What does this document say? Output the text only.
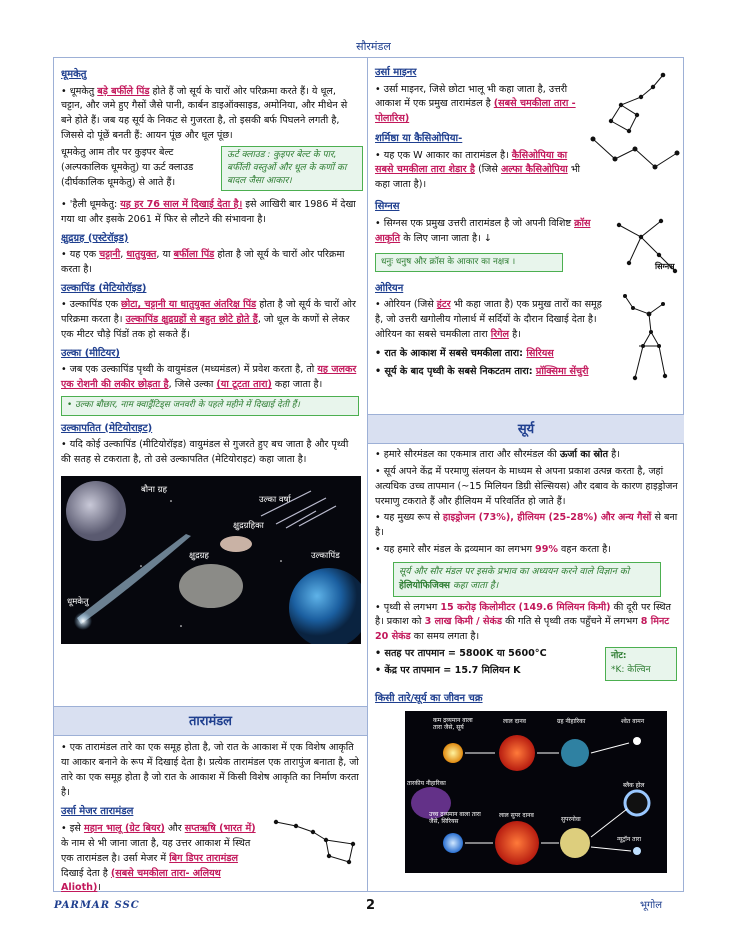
सौरमंडल
धूमकेतु

• धूमकेतु बड़े बर्फीले पिंड होते हैं जो सूर्य के चारों ओर परिक्रमा करते हैं। ये धूल, चट्टान, और जमे हुए गैसों जैसे पानी, कार्बन डाइऑक्साइड, अमोनिया, और मीथेन से बने होते हैं। जब यह सूर्य के निकट से गुजरता है, तो इसकी बर्फ पिघलने लगती है, जिससे दो पूंछें बनती हैं: आयन पूंछ और धूल पूंछ।

धूमकेतु आम तौर पर कुइपर बेल्ट (अल्पकालिक धूमकेतु) या ऊर्ट क्लाउड (दीर्घकालिक धूमकेतु) से आते हैं।

ऊर्ट क्लाउड : कुइपर बेल्ट के पार, बर्फीली वस्तुओं और धूल के कणों का बादल जैसा आकार।

• 'हैली धूमकेतु: यह हर 76 साल में दिखाई देता है। इसे आखिरी बार 1986 में देखा गया था और इसके 2061 में फिर से लौटने की संभावना है।

क्षुद्रग्रह (एस्टेरॉइड)

• यह एक चट्टानी, धातुयुक्त, या बर्फीला पिंड होता है जो सूर्य के चारों ओर परिक्रमा करता है।

उल्कापिंड (मेटियोरॉइड)

• उल्कापिंड एक छोटा, चट्टानी या धातुयुक्त अंतरिक्ष पिंड होता है जो सूर्य के चारों ओर परिक्रमा करता है। उल्कापिंड क्षुद्रग्रहों से बहुत छोटे होते हैं, जो धूल के कणों से लेकर एक मीटर चौड़े पिंडों तक हो सकते हैं।

उल्का (मीटियर)

• जब एक उल्कापिंड पृथ्वी के वायुमंडल (मध्यमंडल) में प्रवेश करता है, तो यह जलकर एक रोशनी की लकीर छोड़ता है, जिसे उल्का (या टूटता तारा) कहा जाता है।

• उल्का बौछार, नाम क्वाड्रैंटिड्स जनवरी के पहले महीने में दिखाई देती हैं।
उल्कापतित (मेटियोराइट)

• यदि कोई उल्कापिंड (मीटियोरॉइड) वायुमंडल से गुजरते हुए बच जाता है और पृथ्वी की सतह से टकराता है, तो उसे उल्कापतित (मेटियोराइट) कहा जाता है।

बौना ग्रह
उल्का वर्षा
क्षुद्रग्रहिका
क्षुद्रग्रह	उल्कापिंड
धूमकेतु
तारामंडल

• एक तारामंडल तारे का एक समूह होता है, जो रात के आकाश में एक विशेष आकृति या आकार बनाने के रूप में दिखाई देता है। प्रत्येक तारामंडल एक तारापुंज बनाता है, जो तारे का एक समूह होता है जो रात के आकाश में किसी विशेष आकृति का निर्माण करता है।

उर्सा मेजर तारामंडल

• इसे महान भालू (ग्रेट बियर) और सप्तऋषि (भारत में) के नाम से भी जाना जाता है, यह उत्तर आकाश में स्थित एक तारामंडल है। उर्सा मेजर में बिग डिपर तारामंडल दिखाई देता है (सबसे चमकीला तारा- अलियथ Alioth)।

उर्सा माइनर

• उर्सा माइनर, जिसे छोटा भालू भी कहा जाता है, उत्तरी आकाश में एक प्रमुख तारामंडल है (सबसे चमकीला तारा - पोलारिस)

शर्मिष्ठा या कैसिओपिया-

• यह एक W आकार का तारामंडल है। कैसिओपिया का सबसे चमकीला तारा शेडार है (जिसे अल्फा कैसिओपिया भी कहा जाता है)।

सिग्नस

• सिग्नस एक प्रमुख उत्तरी तारामंडल है जो अपनी विशिष्ट क्रॉस आकृति के लिए जाना जाता है। ↓

धनुः धनुष और क्रॉस के आकार का नक्षत्र ।	सिग्नस
ओरियन

• ओरियन (जिसे हंटर भी कहा जाता है) एक प्रमुख तारों का समूह है, जो उत्तरी खगोलीय गोलार्ध में सर्दियों के दौरान दिखाई देता है। ओरियन का सबसे चमकीला तारा रिगेल है।

• रात के आकाश में सबसे चमकीला तारा: सिरियस

• सूर्य के बाद पृथ्वी के सबसे निकटतम तारा: प्रॉक्सिमा सेंचुरी

सूर्य

• हमारे सौरमंडल का एकमात्र तारा और सौरमंडल की ऊर्जा का स्रोत है।

• सूर्य अपने केंद्र में परमाणु संलयन के माध्यम से अपना प्रकाश उत्पन्न करता है, जहां अत्यधिक उच्च तापमान (~15 मिलियन डिग्री सेल्सियस) और दबाव के कारण हाइड्रोजन परमाणु टकराते हैं और हीलियम में परिवर्तित हो जाते हैं।

• यह मुख्य रूप से हाइड्रोजन (73%), हीलियम (25-28%) और अन्य गैसों से बना है।

• यह हमारे सौर मंडल के द्रव्यमान का लगभग 99% वहन करता है।

सूर्य और सौर मंडल पर इसके प्रभाव का अध्ययन करने वाले विज्ञान को हेलियोफिजिक्स कहा जाता है।

• पृथ्वी से लगभग 15 करोड़ किलोमीटर (149.6 मिलियन किमी) की दूरी पर स्थित है। प्रकाश को 3 लाख किमी / सेकंड की गति से पृथ्वी तक पहुँचने में लगभग 8 मिनट 20 सेकंड का समय लगता है।

• सतह पर तापमान = 5800K या 5600°C

• केंद्र पर तापमान = 15.7 मिलियन K

नोट:
*K: केल्विन
किसी तारे/सूर्य का जीवन चक्र
कम द्रव्यमान वाला तारा जैसे, सूर्य
लाल दानव	ग्रह नीहारिका	श्वेत वामन
तारकीय नीहारिका	ब्लैक होल
उच्च द्रव्यमान वाला तारा जैसे, सिरियस
लाल सुपर दानव
सुपरनोवा
न्यूट्रॉन तारा
PARMAR SSC	2	भूगोल
